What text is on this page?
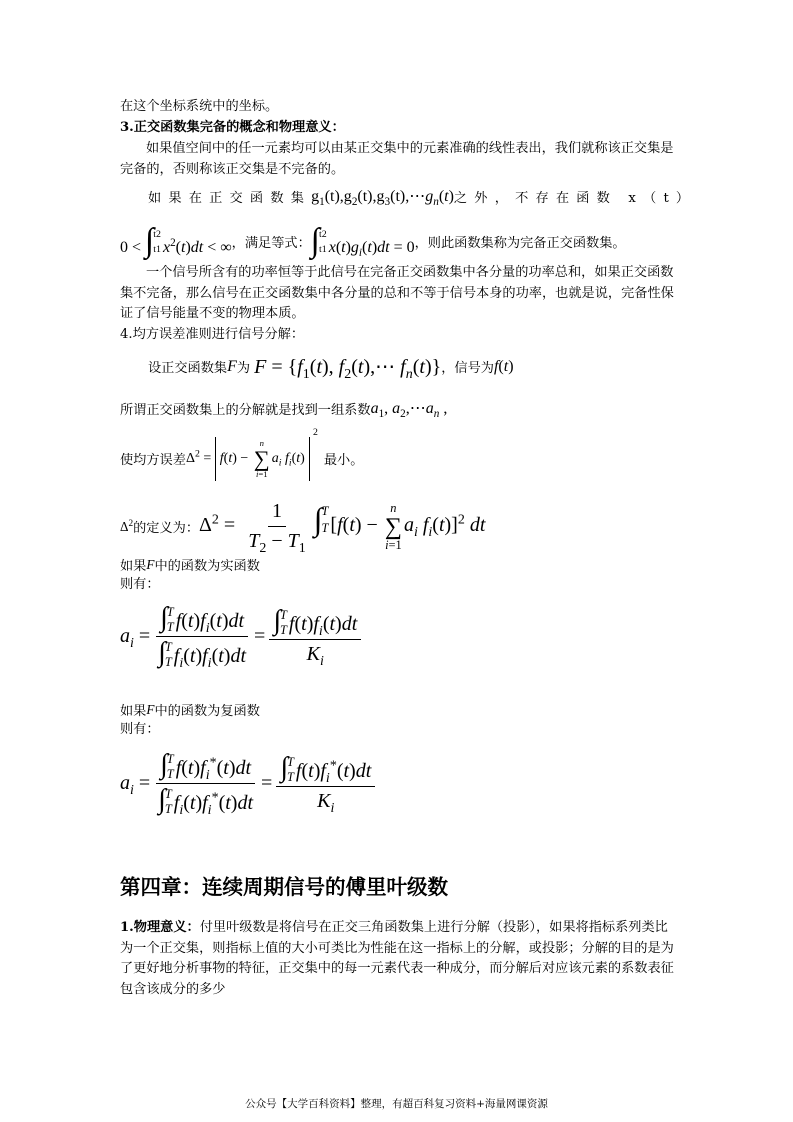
在这个坐标系统中的坐标。
3.正交函数集完备的概念和物理意义：
如果值空间中的任一元素均可以由某正交集中的元素准确的线性表出，我们就称该正交集是完备的，否则称该正交集是不完备的。
如果在正交函数集 $g_1(t),g_2(t),g_3(t),\cdots g_n(t)$ 之外，不存在函数 x（t）
0 < ∫ t2
t1 $x^2(t)dt$ < ∞ ，满足等式： ∫ t2
t1 $x(t)g_i(t)dt = 0$ ，则此函数集称为完备正交函数集。
一个信号所含有的功率恒等于此信号在完备正交函数集中各分量的功率总和，如果正交函数集不完备，那么信号在正交函数集中各分量的总和不等于信号本身的功率，也就是说，完备性保证了信号能量不变的物理本质。
4.均方误差准则进行信号分解：
设正交函数集 F 为 $F = \{f_1(t)$, $f_2(t),\cdots$ $f_n(t)$} ，信号为 f(t)
所谓正交函数集上的分解就是找到一组系数 $a_1$, $a_2,\cdots a_n$ ,
使均方误差 $\Delta^2 = f(t)$ −
n
∑
i=1
$a_i$ $f_i(t)$
2
最小。
$\Delta^2$ 的定义为： $\Delta^2 = \frac{1}{T_2 - T_1}$ ∫ T
T [f(t) −
n
∑
i=1
$a_i$ $f_i(t)]^2$ dt
如果 F 中的函数为实函数
则有：
$a_i$ = ∫ T
T $f(t)f_i(t)dt$
∫ T
T $f_i(t)f_i(t)dt$ = ∫ T
T $f(t)f_i(t)dt$
$K_i$
如果 F 中的函数为复函数
则有：
$a_i$ = ∫ T
T $f(t)f_i^*(t)dt$
∫ T
T $f_i(t)f_i^*(t)dt$ = ∫ T
T $f(t)f_i^*(t)dt$
$K_i$
第四章：连续周期信号的傅里叶级数
1.物理意义：付里叶级数是将信号在正交三角函数集上进行分解（投影），如果将指标系列类比为一个正交集，则指标上值的大小可类比为性能在这一指标上的分解，或投影；分解的目的是为了更好地分析事物的特征，正交集中的每一元素代表一种成分，而分解后对应该元素的系数表征包含该成分的多少
公众号【大学百科资料】整理，有超百科复习资料+海量网课资源
